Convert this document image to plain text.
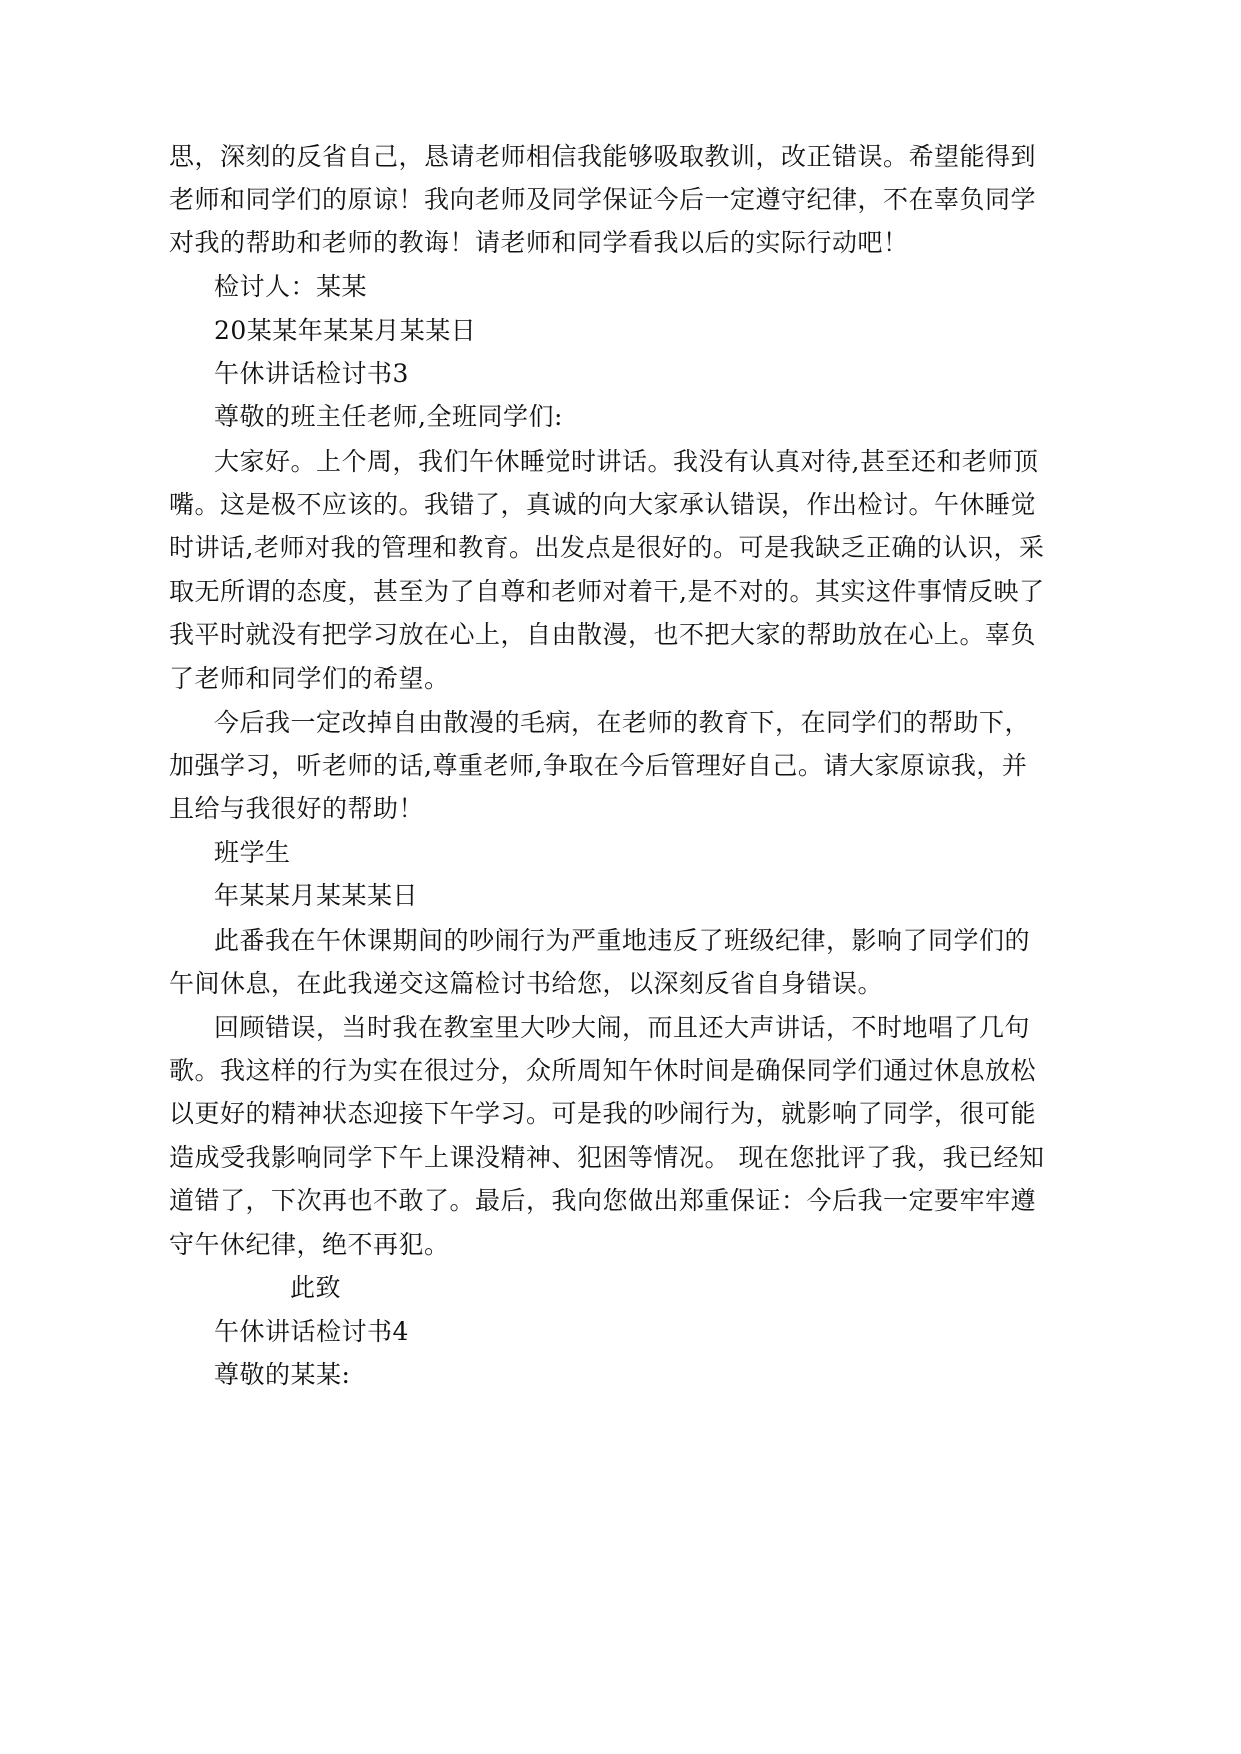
思，深刻的反省自己，恳请老师相信我能够吸取教训，改正错误。希望能得到
老师和同学们的原谅！我向老师及同学保证今后一定遵守纪律，不在辜负同学
对我的帮助和老师的教诲！请老师和同学看我以后的实际行动吧！
检讨人：某某
20某某年某某月某某日
午休讲话检讨书3
尊敬的班主任老师,全班同学们:
大家好。上个周，我们午休睡觉时讲话。我没有认真对待,甚至还和老师顶
嘴。这是极不应该的。我错了，真诚的向大家承认错误，作出检讨。午休睡觉
时讲话,老师对我的管理和教育。出发点是很好的。可是我缺乏正确的认识，采
取无所谓的态度，甚至为了自尊和老师对着干,是不对的。其实这件事情反映了
我平时就没有把学习放在心上，自由散漫，也不把大家的帮助放在心上。辜负
了老师和同学们的希望。
今后我一定改掉自由散漫的毛病，在老师的教育下，在同学们的帮助下，
加强学习，听老师的话,尊重老师,争取在今后管理好自己。请大家原谅我，并
且给与我很好的帮助！
班学生
年某某月某某某日
此番我在午休课期间的吵闹行为严重地违反了班级纪律，影响了同学们的
午间休息，在此我递交这篇检讨书给您，以深刻反省自身错误。
回顾错误，当时我在教室里大吵大闹，而且还大声讲话，不时地唱了几句
歌。我这样的行为实在很过分，众所周知午休时间是确保同学们通过休息放松
以更好的精神状态迎接下午学习。可是我的吵闹行为，就影响了同学，很可能
造成受我影响同学下午上课没精神、犯困等情况。 现在您批评了我，我已经知
道错了，下次再也不敢了。最后，我向您做出郑重保证：今后我一定要牢牢遵
守午休纪律，绝不再犯。
此致
午休讲话检讨书4
尊敬的某某:
